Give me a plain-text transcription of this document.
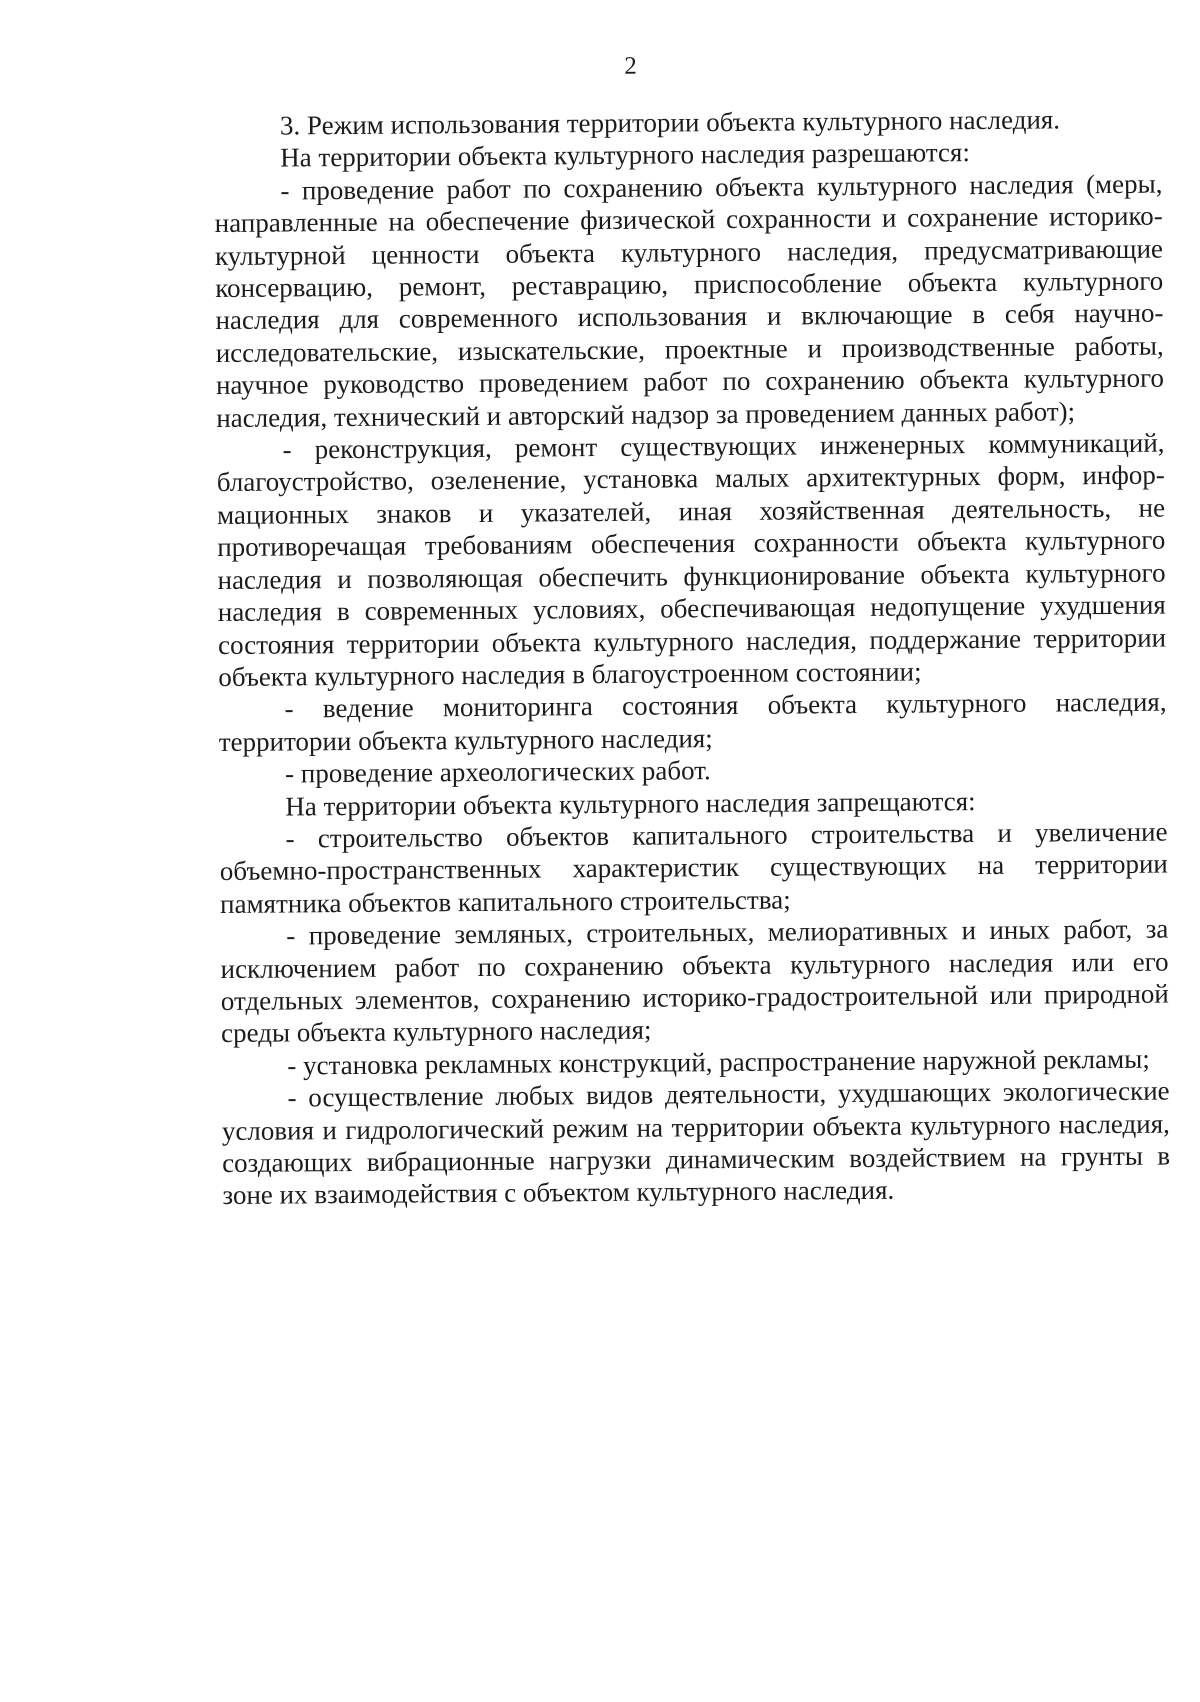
2

3. Режим использования территории объекта культурного наследия.

На территории объекта культурного наследия разрешаются:

- проведение работ по сохранению объекта культурного наследия (меры, направленные на обеспечение физической сохранности и сохранение историко-культурной ценности объекта культурного наследия, предусматривающие консервацию, ремонт, реставрацию, приспособление объекта культурного наследия для современного использования и включающие в себя научно-исследовательские, изыскательские, проектные и производственные работы, научное руководство проведением работ по сохранению объекта культурного наследия, технический и авторский надзор за проведением данных работ);

- реконструкция, ремонт существующих инженерных коммуникаций, благоустройство, озеленение, установка малых архитектурных форм, информационных знаков и указателей, иная хозяйственная деятельность, не противоречащая требованиям обеспечения сохранности объекта культурного наследия и позволяющая обеспечить функционирование объекта культурного наследия в современных условиях, обеспечивающая недопущение ухудшения состояния территории объекта культурного наследия, поддержание территории объекта культурного наследия в благоустроенном состоянии;

- ведение мониторинга состояния объекта культурного наследия, территории объекта культурного наследия;

- проведение археологических работ.

На территории объекта культурного наследия запрещаются:

- строительство объектов капитального строительства и увеличение объемно-пространственных характеристик существующих на территории памятника объектов капитального строительства;

- проведение земляных, строительных, мелиоративных и иных работ, за исключением работ по сохранению объекта культурного наследия или его отдельных элементов, сохранению историко-градостроительной или природной среды объекта культурного наследия;

- установка рекламных конструкций, распространение наружной рекламы;

- осуществление любых видов деятельности, ухудшающих экологические условия и гидрологический режим на территории объекта культурного наследия, создающих вибрационные нагрузки динамическим воздействием на грунты в зоне их взаимодействия с объектом культурного наследия.
